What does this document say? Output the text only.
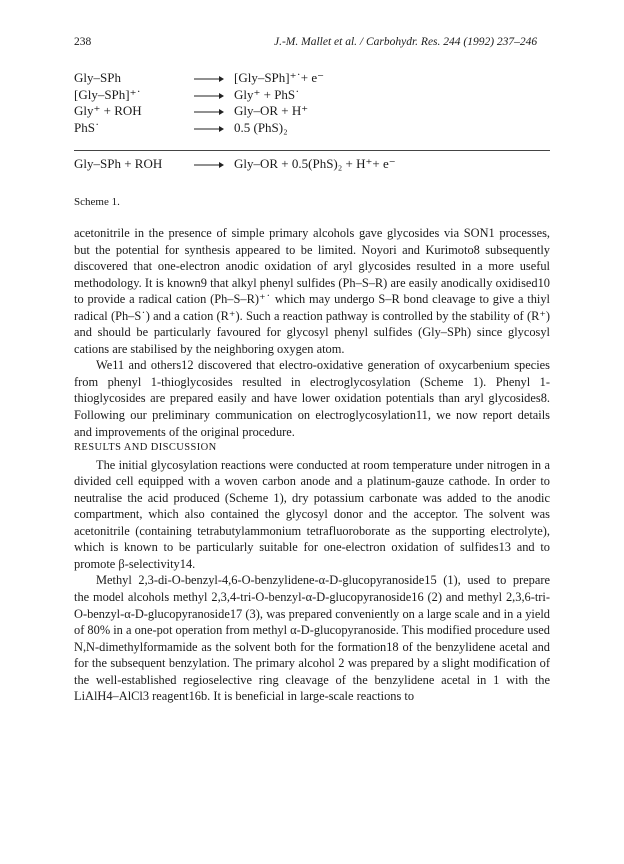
238	J.-M. Mallet et al. / Carbohydr. Res. 244 (1992) 237–246
Gly–SPh	→ [Gly–SPh]⁺˙+ e⁻
[Gly–SPh]⁺˙	→ Gly⁺ + PhS˙
Gly⁺ + ROH	→ Gly–OR + H⁺
PhS˙	→ 0.5 (PhS)₂
Gly–SPh + ROH → Gly–OR + 0.5(PhS)₂ + H⁺+ e⁻
Scheme 1.

acetonitrile in the presence of simple primary alcohols gave glycosides via SON1 processes, but the potential for synthesis appeared to be limited. Noyori and Kurimoto8 subsequently discovered that one-electron anodic oxidation of aryl glycosides resulted in a more useful methodology. It is known9 that alkyl phenyl sulfides (Ph–S–R) are easily anodically oxidised10 to provide a radical cation (Ph–S–R)⁺˙ which may undergo S–R bond cleavage to give a thiyl radical (Ph–S˙) and a cation (R⁺). Such a reaction pathway is controlled by the stability of (R⁺) and should be particularly favoured for glycosyl phenyl sulfides (Gly–SPh) since glycosyl cations are stabilised by the neighboring oxygen atom.

We11 and others12 discovered that electro-oxidative generation of oxycarbenium species from phenyl 1-thioglycosides resulted in electroglycosylation (Scheme 1). Phenyl 1-thioglycosides are prepared easily and have lower oxidation potentials than aryl glycosides8. Following our preliminary communication on electroglycosylation11, we now report details and improvements of the original procedure.

RESULTS AND DISCUSSION

The initial glycosylation reactions were conducted at room temperature under nitrogen in a divided cell equipped with a woven carbon anode and a platinum-gauze cathode. In order to neutralise the acid produced (Scheme 1), dry potassium carbonate was added to the anodic compartment, which also contained the glycosyl donor and the acceptor. The solvent was acetonitrile (containing tetrabutylammonium tetrafluoroborate as the supporting electrolyte), which is known to be particularly suitable for one-electron oxidation of sulfides13 and to promote β-selectivity14.

Methyl 2,3-di-O-benzyl-4,6-O-benzylidene-α-D-glucopyranoside15 (1), used to prepare the model alcohols methyl 2,3,4-tri-O-benzyl-α-D-glucopyranoside16 (2) and methyl 2,3,6-tri-O-benzyl-α-D-glucopyranoside17 (3), was prepared conveniently on a large scale and in a yield of 80% in a one-pot operation from methyl α-D-glucopyranoside. This modified procedure used N,N-dimethylformamide as the solvent both for the formation18 of the benzylidene acetal and for the subsequent benzylation. The primary alcohol 2 was prepared by a slight modification of the well-established regioselective ring cleavage of the benzylidene acetal in 1 with the LiAlH4–AlCl3 reagent16b. It is beneficial in large-scale reactions to
